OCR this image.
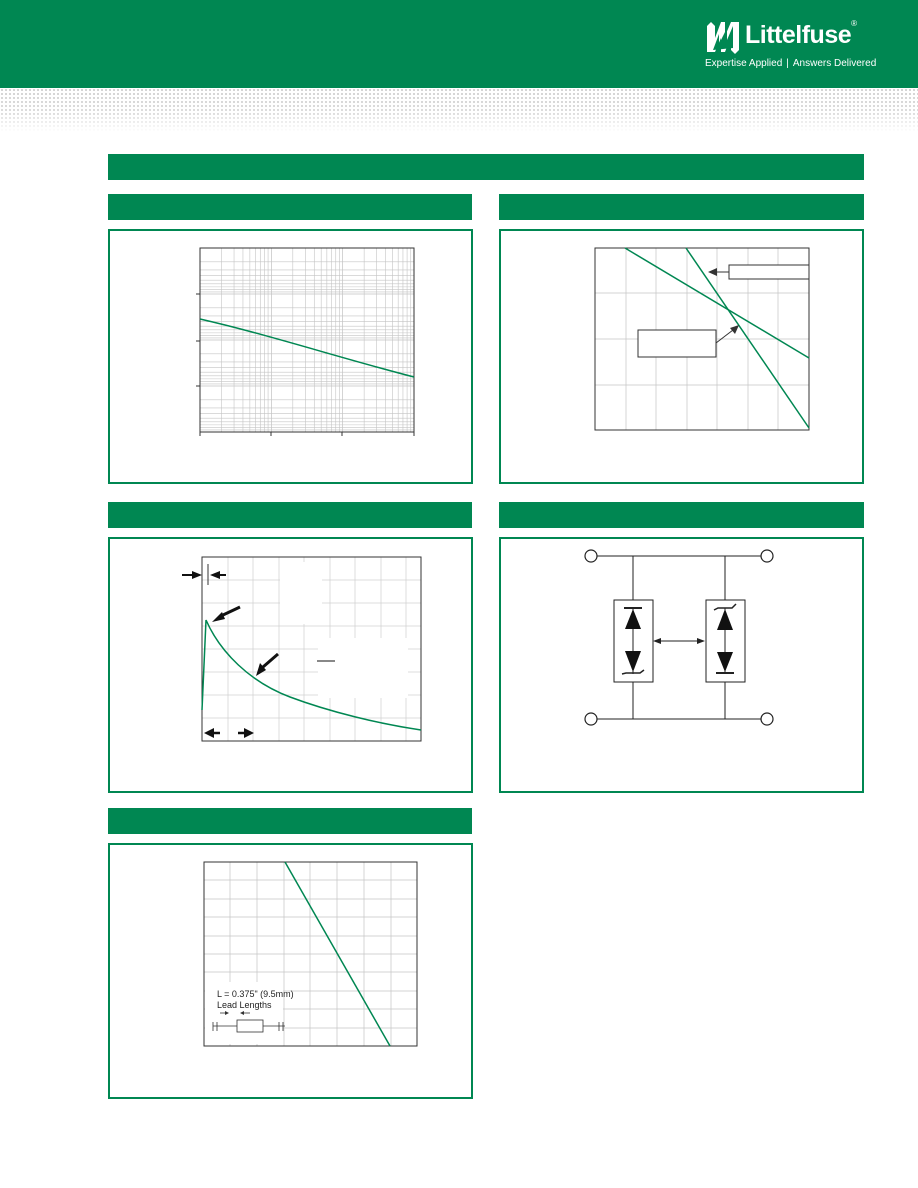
Littelfuse®
Expertise Applied | Answers Delivered
L = 0.375" (9.5mm)
Lead Lengths
